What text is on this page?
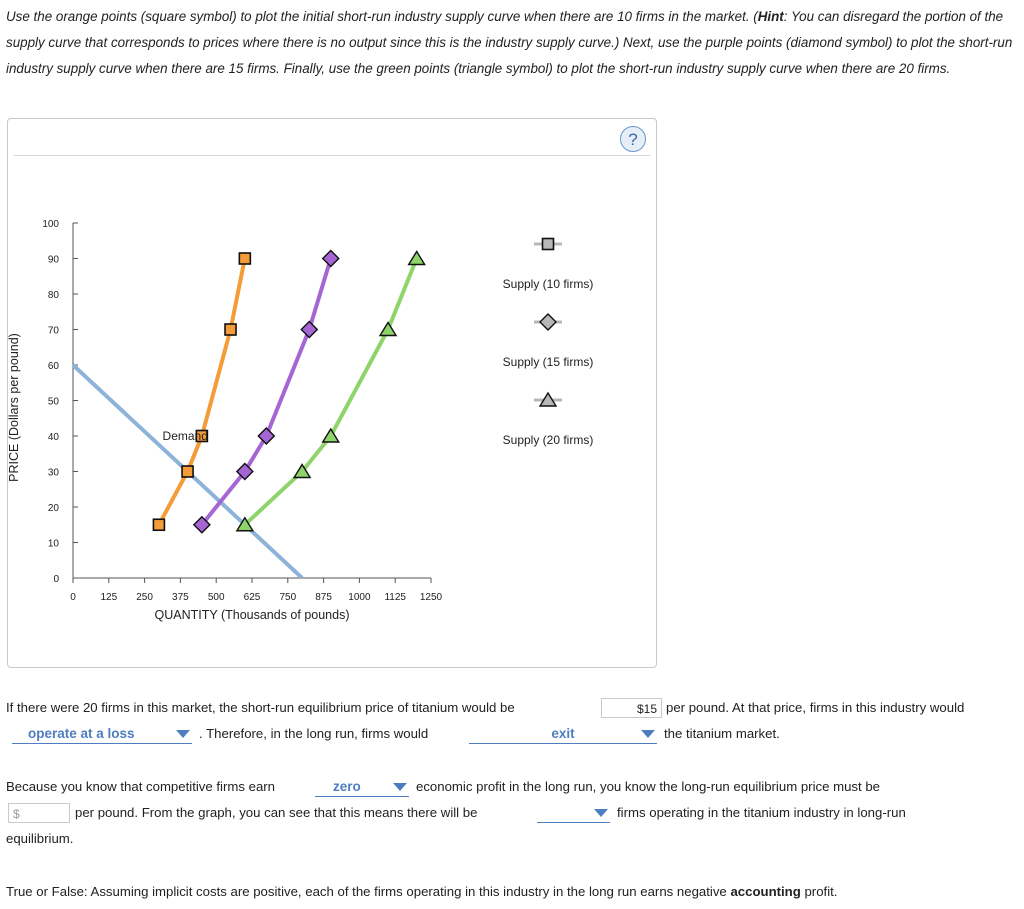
Use the orange points (square symbol) to plot the initial short-run industry supply curve when there are 10 firms in the market. (Hint: You can disregard the portion of the supply curve that corresponds to prices where there is no output since this is the industry supply curve.) Next, use the purple points (diamond symbol) to plot the short-run industry supply curve when there are 15 firms. Finally, use the green points (triangle symbol) to plot the short-run industry supply curve when there are 20 firms.
?
0 125 250 375 500 625 750 875 1000 1125 1250
0
10
20
30
40
50
60
70
80
90
100
Supply (10 firms)
Supply (15 firms)
Supply (20 firms)
Demand
QUANTITY (Thousands of pounds)
PRICE (Dollars per pound)
If there were 20 firms in this market, the short-run equilibrium price of titanium would be	$15 per pound. At that price, firms in this industry would
operate at a loss	. Therefore, in the long run, firms would	exit	the titanium market.
Because you know that competitive firms earn	zero	economic profit in the long run, you know the long-run equilibrium price must be
$	per pound. From the graph, you can see that this means there will be	firms operating in the titanium industry in long-run
equilibrium.
True or False: Assuming implicit costs are positive, each of the firms operating in this industry in the long run earns negative accounting profit.
